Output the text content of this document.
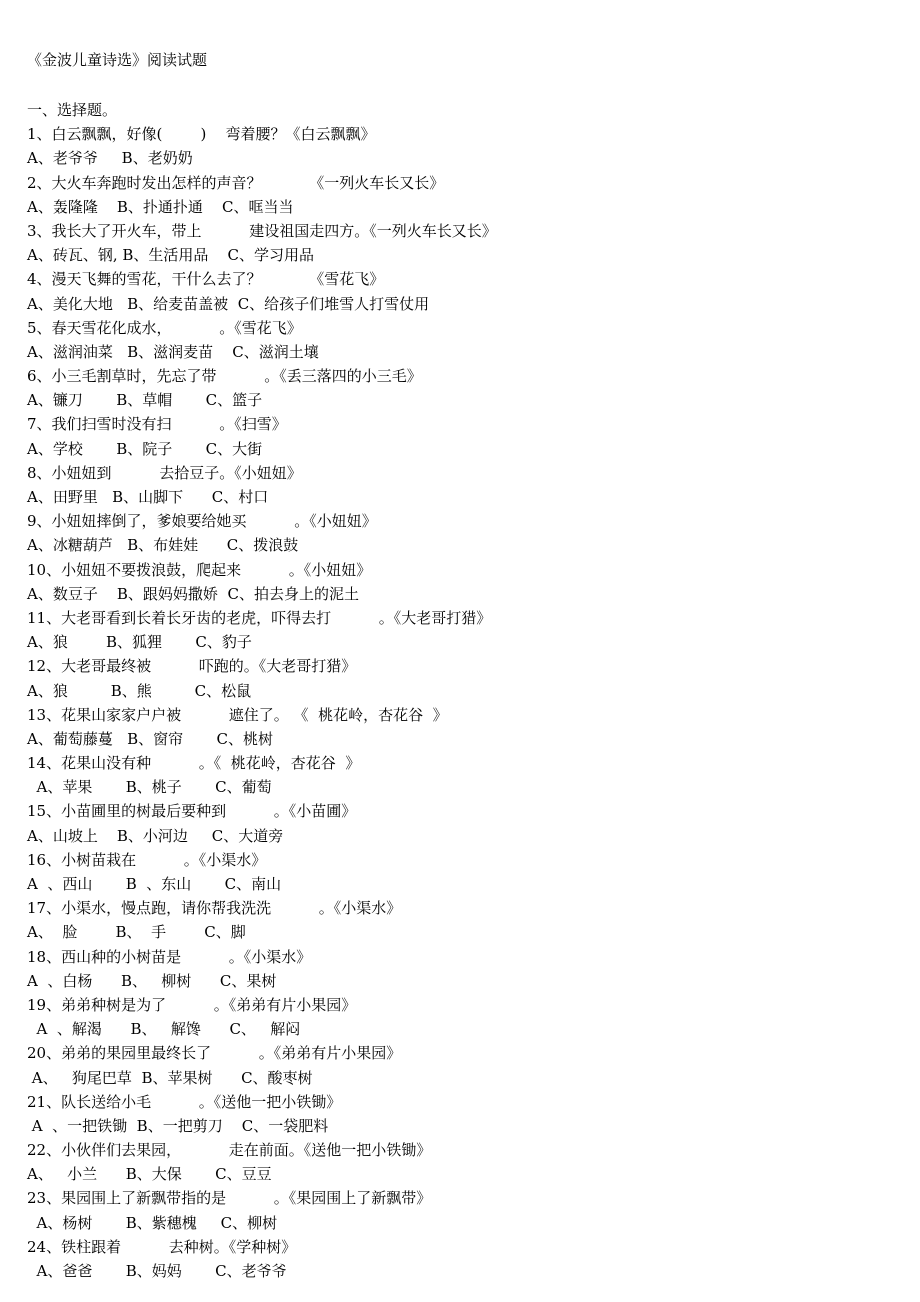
《金波儿童诗选》阅读试题
一、选择题。
1、白云飘飘，好像(        )    弯着腰？《白云飘飘》
A、老爷爷     B、老奶奶
2、大火车奔跑时发出怎样的声音？          《一列火车长又长》
A、轰隆隆    B、扑通扑通    C、哐当当
3、我长大了开火车，带上          建设祖国走四方。《一列火车长又长》
A、砖瓦、钢, B、生活用品    C、学习用品
4、漫天飞舞的雪花，干什么去了？          《雪花飞》
A、美化大地   B、给麦苗盖被  C、给孩子们堆雪人打雪仗用
5、春天雪花化成水，          。《雪花飞》
A、滋润油菜   B、滋润麦苗    C、滋润土壤
6、小三毛割草时，先忘了带          。《丢三落四的小三毛》
A、镰刀       B、草帽       C、篮子
7、我们扫雪时没有扫          。《扫雪》
A、学校       B、院子       C、大街
8、小妞妞到          去拾豆子。《小妞妞》
A、田野里   B、山脚下      C、村口
9、小妞妞摔倒了，爹娘要给她买          。《小妞妞》
A、冰糖葫芦   B、布娃娃      C、拨浪鼓
10、小妞妞不要拨浪鼓，爬起来          。《小妞妞》
A、数豆子    B、跟妈妈撒娇  C、拍去身上的泥土
11、大老哥看到长着长牙齿的老虎，吓得去打          。《大老哥打猎》
A、狼        B、狐狸       C、豹子
12、大老哥最终被          吓跑的。《大老哥打猎》
A、狼         B、熊         C、松鼠
13、花果山家家户户被          遮住了。 《  桃花岭，杏花谷  》
A、葡萄藤蔓   B、窗帘       C、桃树
14、花果山没有种          。《  桃花岭，杏花谷  》
A、苹果       B、桃子       C、葡萄
15、小苗圃里的树最后要种到          。《小苗圃》
A、山坡上    B、小河边     C、大道旁
16、小树苗栽在          。《小渠水》
A  、西山       B  、东山       C、南山
17、小渠水，慢点跑，请你帮我洗洗          。《小渠水》
A、  脸        B、  手        C、脚
18、西山种的小树苗是          。《小渠水》
A  、白杨      B、   柳树      C、果树
19、弟弟种树是为了          。《弟弟有片小果园》
A  、解渴      B、   解馋      C、   解闷
20、弟弟的果园里最终长了          。《弟弟有片小果园》
A、   狗尾巴草  B、苹果树      C、酸枣树
21、队长送给小毛          。《送他一把小铁锄》
A  、一把铁锄  B、一把剪刀    C、一袋肥料
22、小伙伴们去果园，          走在前面。《送他一把小铁锄》
A、   小兰      B、大保       C、豆豆
23、果园围上了新飘带指的是          。《果园围上了新飘带》
A、杨树       B、紫穗槐     C、柳树
24、铁柱跟着          去种树。《学种树》
A、爸爸       B、妈妈       C、老爷爷
